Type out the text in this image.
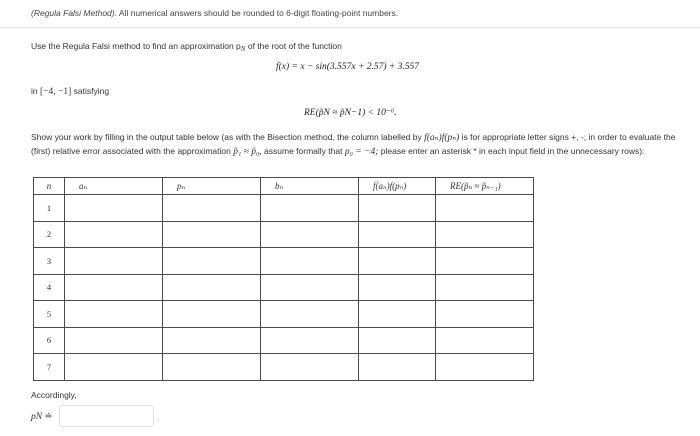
(Regula Falsi Method). All numerical answers should be rounded to 6-digit floating-point numbers.
Use the Regula Falsi method to find an approximation $p_N$ of the root of the function
f(x) = x − sin(3.557x + 2.57) + 3.557
in [−4, −1] satisfying
RE(p̃N ≈ p̃N−1) < 10⁻⁶.
Show your work by filling in the output table below (as with the Bisection method, the column labelled by f(aₙ)f(pₙ) is for appropriate letter signs +, -; in order to evaluate the (first) relative error associated with the approximation p̃₁ ≈ p̃₀, assume formally that p₀ = −4; please enter an asterisk * in each input field in the unnecessary rows):
n	aₙ	pₙ	bₙ	f(aₙ)f(pₙ)	RE(p̃ₙ ≈ p̃ₙ₋₁)
1	

2	

3	

4	

5	

6	

7	

Accordingly,
pN ≐	.
